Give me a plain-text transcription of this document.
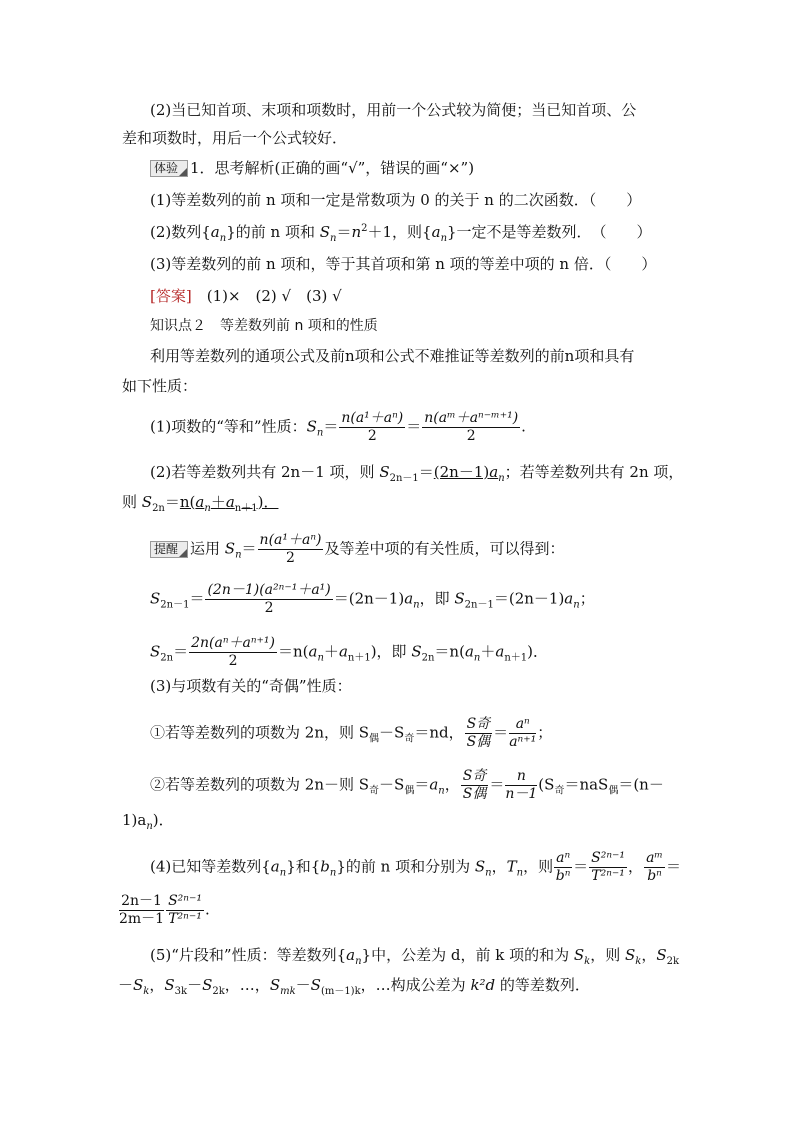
(2)当已知首项、末项和项数时，用前一个公式较为简便；当已知首项、公
差和项数时，用后一个公式较好．
体验 1．思考解析(正确的画“√”，错误的画“×”)
(1)等差数列的前 n 项和一定是常数项为 0 的关于 n 的二次函数．（　　）
(2)数列$\{a_n\}$的前 n 项和 $S_n=n^2+1$，则$\{a_n\}$一定不是等差数列．　（　　）
(3)等差数列的前 n 项和，等于其首项和第 n 项的等差中项的 n 倍．（　　）
[答案]　(1)×　(2) √　(3) √
知识点２　等差数列前 n 项和的性质
利用等差数列的通项公式及前n项和公式不难推证等差数列的前n项和具有
如下性质：
(1)项数的“等和”性质：$S_n= \frac{\text{n(a¹＋aⁿ)}}{2} = \frac{\text{n(aᵐ＋aⁿ⁻ᵐ⁺¹)}}{2}$ .
(2)若等差数列共有 2n－1 项，则 $S_{2n-1}=(2n-1)a_n$；若等差数列共有 2n 项，
则 $S_{2n}=n(a_n+a_{n+1})$．
提醒 运用 $S_n= \frac{\text{n(a¹＋aⁿ)}}{2}$ 及等差中项的有关性质，可以得到：
$S_{2n-1}= \frac{\text{(2n－1)(a²ⁿ⁻¹＋a¹)}}{2} =(2n-1)a_n$，即 $S_{2n-1}=(2n-1)a_n$；
$S_{2n}= \frac{\text{2n(aⁿ＋aⁿ⁺¹)}}{2} =n(a_n+a_{n+1})$，即 $S_{2n}=n(a_n+a_{n+1})$．
(3)与项数有关的“奇偶”性质：
①若等差数列的项数为 2n，则 $S_偶-S_奇=nd$， $\frac{\text{S奇}}{\text{S偶}} = \frac{\text{aⁿ}}{\text{aⁿ⁺¹}}$ ；
②若等差数列的项数为 2n－则 $S_奇-S_偶=a_n$， $\frac{\text{S奇}}{\text{S偶}} = \frac{n}{n-1} (S_奇=naS_偶=(n-$
$1)a_n$)．
(4)已知等差数列$\{a_n\}$和$\{b_n\}$的前 n 项和分别为 $S_n$，$T_n$，则 $\frac{\text{aⁿ}}{\text{bⁿ}} = \frac{\text{S²ⁿ⁻¹}}{\text{T²ⁿ⁻¹}}$ ， $\frac{\text{aᵐ}}{\text{bⁿ}}$ ＝
$\frac{2n-1}{2m-1} \frac{\text{S²ⁿ⁻¹}}{\text{T²ⁿ⁻¹}}$ .
(5)“片段和”性质：等差数列$\{a_n\}$中，公差为 d，前 k 项的和为 $S_k$，则 $S_k$，$S_{2k}$
$-S_k$，$S_{3k}-S_{2k}$，…，$S_{mk}-S_{(m-1)k}$，…构成公差为 k²d 的等差数列．
